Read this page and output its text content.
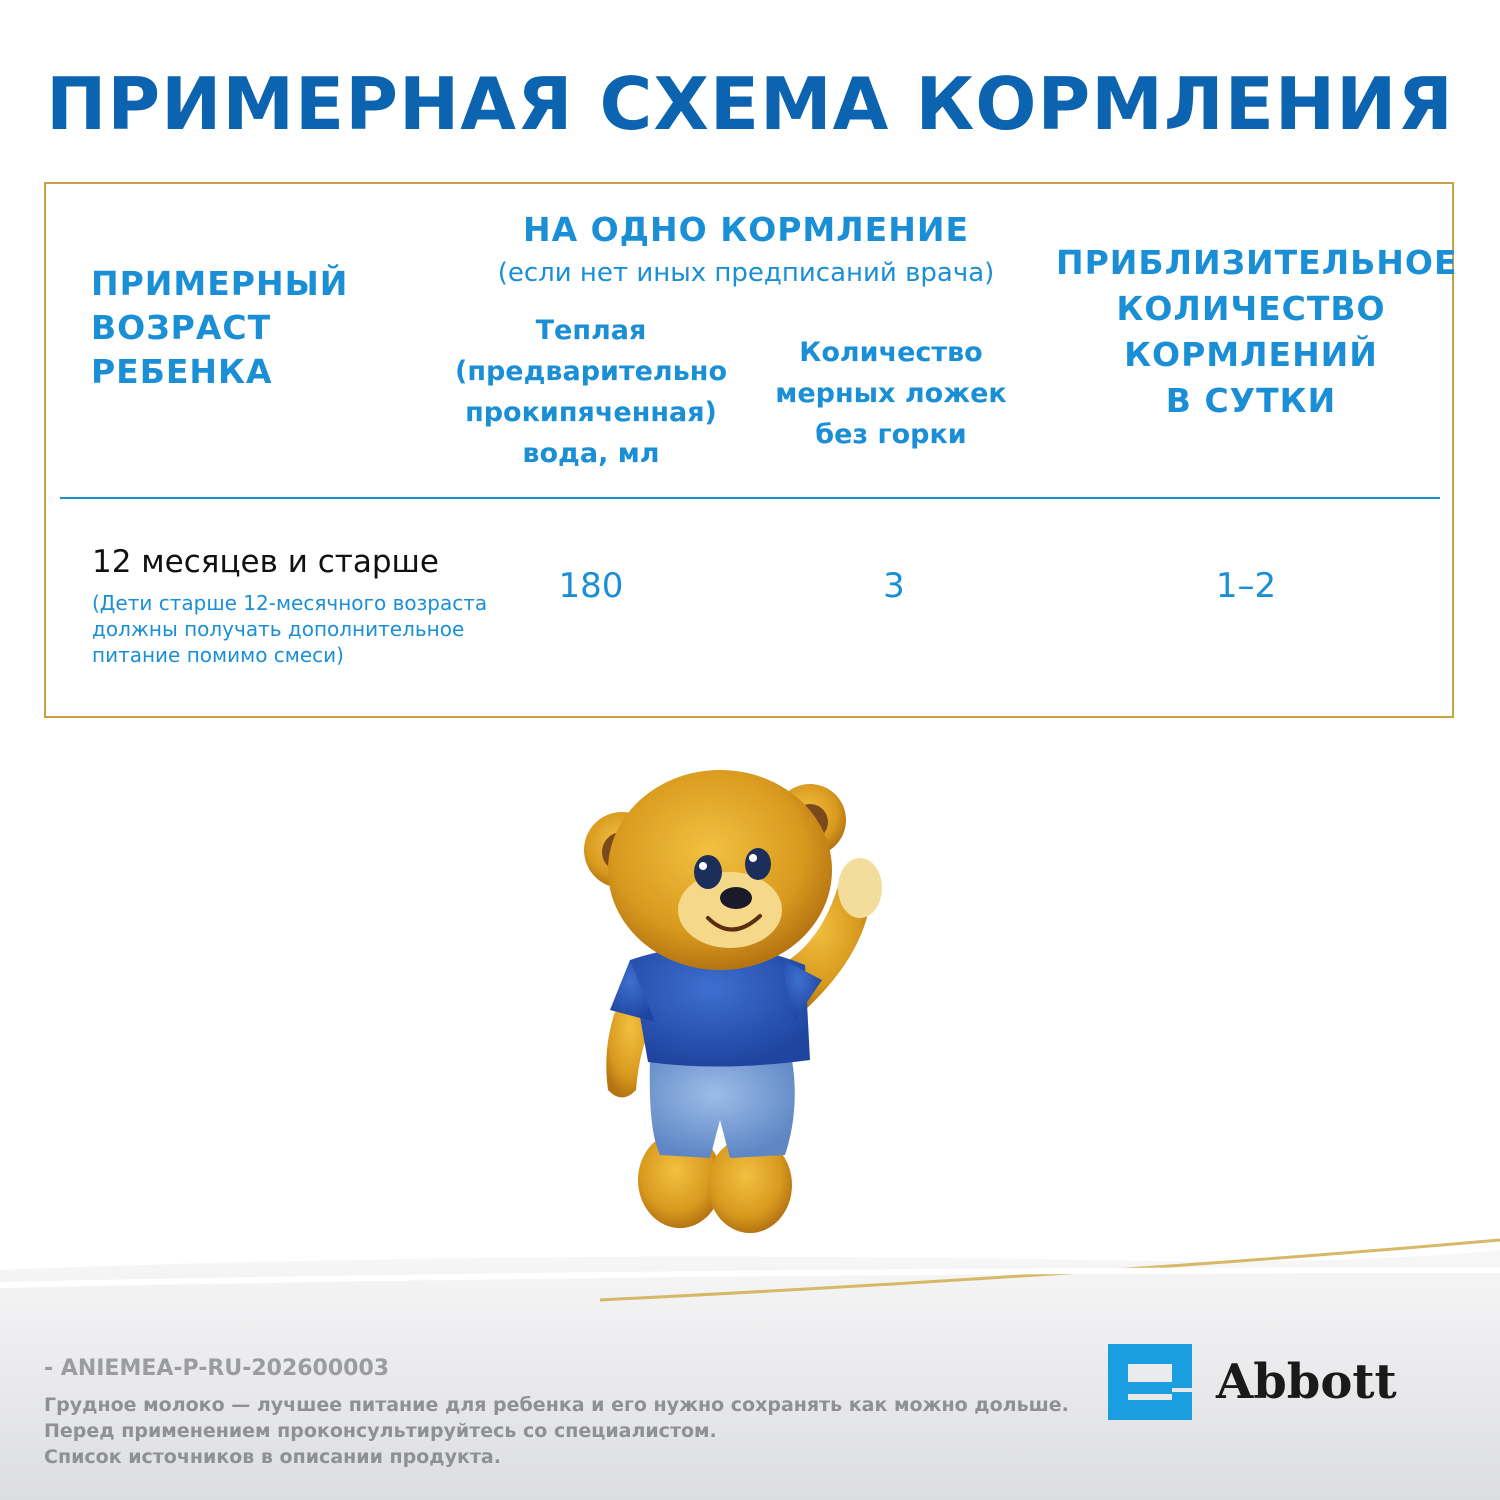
ПРИМЕРНАЯ СХЕМА КОРМЛЕНИЯ
ПРИМЕРНЫЙ
ВОЗРАСТ
РЕБЕНКА
НА ОДНО КОРМЛЕНИЕ
(если нет иных предписаний врача)
Теплая
(предварительно
прокипяченная)
вода, мл
Количество
мерных ложек
без горки
ПРИБЛИЗИТЕЛЬНОЕ
КОЛИЧЕСТВО
КОРМЛЕНИЙ
В СУТКИ
12 месяцев и старше
(Дети старше 12-месячного возраста должны получать дополнительное питание помимо смеси)
180	3	1–2
- ANIEMEA-P-RU-202600003
Грудное молоко — лучшее питание для ребенка и его нужно сохранять как можно дольше.
Перед применением проконсультируйтесь со специалистом.
Список источников в описании продукта.
Abbott
